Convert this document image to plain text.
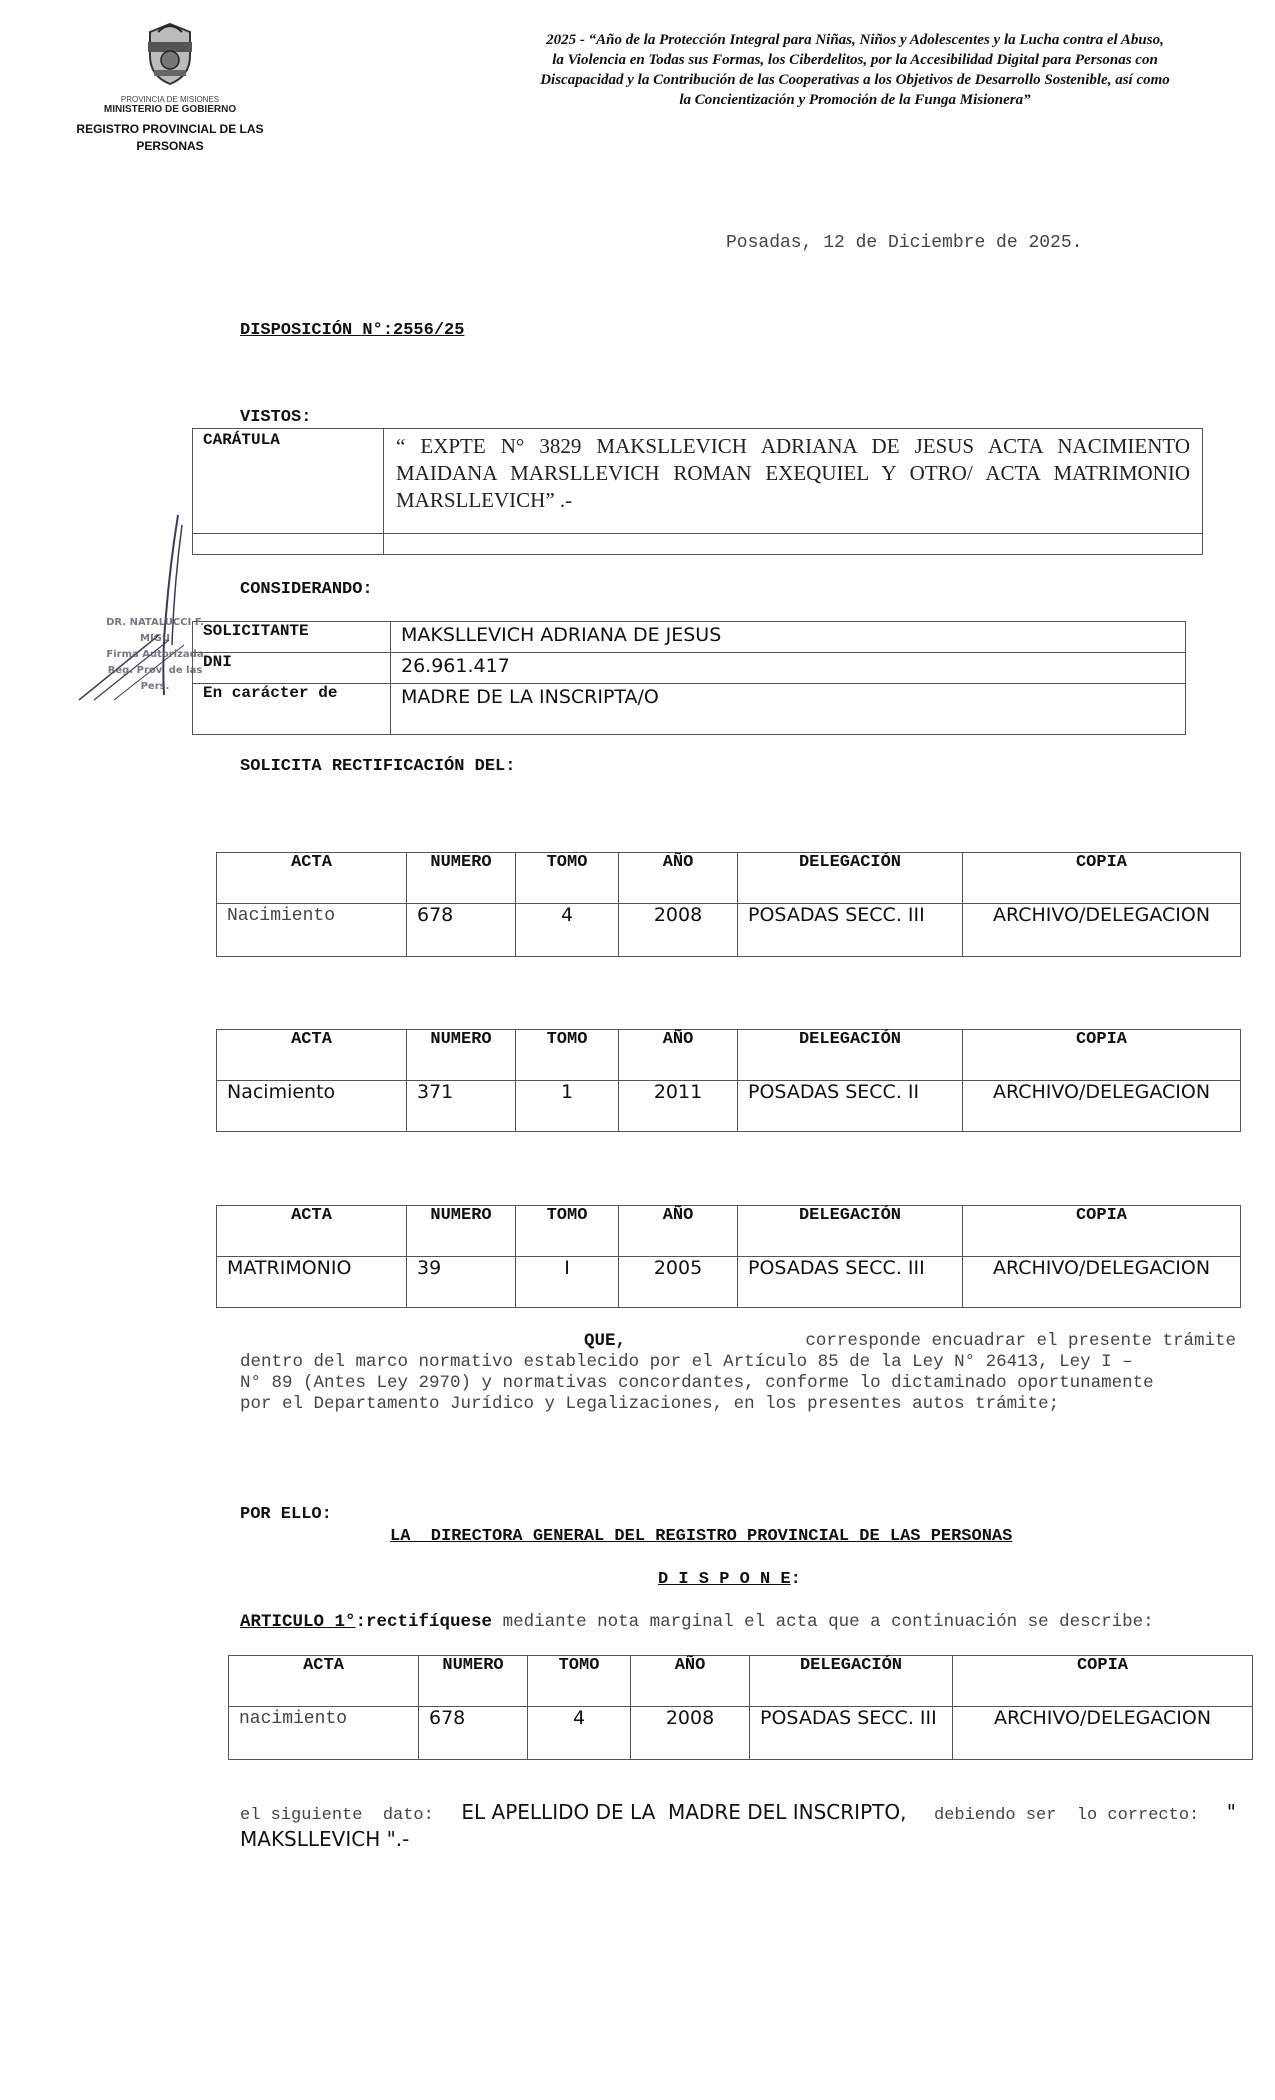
PROVINCIA DE MISIONES
MINISTERIO DE GOBIERNO
REGISTRO PROVINCIAL DE LAS PERSONAS
2025 - “Año de la Protección Integral para Niñas, Niños y Adolescentes y la Lucha contra el Abuso, la Violencia en Todas sus Formas, los Ciberdelitos, por la Accesibilidad Digital para Personas con Discapacidad y la Contribución de las Cooperativas a los Objetivos de Desarrollo Sostenible, así como la Concientización y Promoción de la Funga Misionera”
Posadas, 12 de Diciembre de 2025.
DISPOSICIÓN N°:2556/25
VISTOS:
CARÁTULA	“ EXPTE N° 3829 MAKSLLEVICH ADRIANA DE JESUS ACTA NACIMIENTO MAIDANA MARSLLEVICH ROMAN EXEQUIEL Y OTRO/ ACTA MATRIMONIO MARSLLEVICH” .-

CONSIDERANDO:
SOLICITANTE	MAKSLLEVICH ADRIANA DE JESUS

DNI	26.961.417

En carácter de	MADRE DE LA INSCRIPTA/O
DR. NATALUCCI F. MIGU
Firma Autorizada
Reg. Prov. de las Pers.
SOLICITA RECTIFICACIÓN DEL:
ACTA	NUMERO	TOMO	AÑO	DELEGACIÓN	COPIA
Nacimiento	678	4	2008	POSADAS SECC. III	ARCHIVO/DELEGACION
ACTA	NUMERO	TOMO	AÑO	DELEGACIÓN	COPIA
Nacimiento	371	1	2011	POSADAS SECC. II	ARCHIVO/DELEGACION
ACTA	NUMERO	TOMO	AÑO	DELEGACIÓN	COPIA
MATRIMONIO	39	I	2005	POSADAS SECC. III	ARCHIVO/DELEGACION
QUE,	corresponde encuadrar el presente trámite
dentro del marco normativo establecido por el Artículo 85 de la Ley N° 26413, Ley I –
N° 89 (Antes Ley 2970) y normativas concordantes, conforme lo dictaminado oportunamente
por el Departamento Jurídico y Legalizaciones, en los presentes autos trámite;
POR ELLO:
LA  DIRECTORA GENERAL DEL REGISTRO PROVINCIAL DE LAS PERSONAS
D I S P O N E:
ARTICULO 1°:rectifíquese mediante nota marginal el acta que a continuación se describe:
ACTA	NUMERO	TOMO	AÑO	DELEGACIÓN	COPIA
nacimiento	678	4	2008	POSADAS SECC. III	ARCHIVO/DELEGACION
el siguiente  dato: EL APELLIDO DE LA  MADRE DEL INSCRIPTO, debiendo ser  lo correcto: "
MAKSLLEVICH ".-
